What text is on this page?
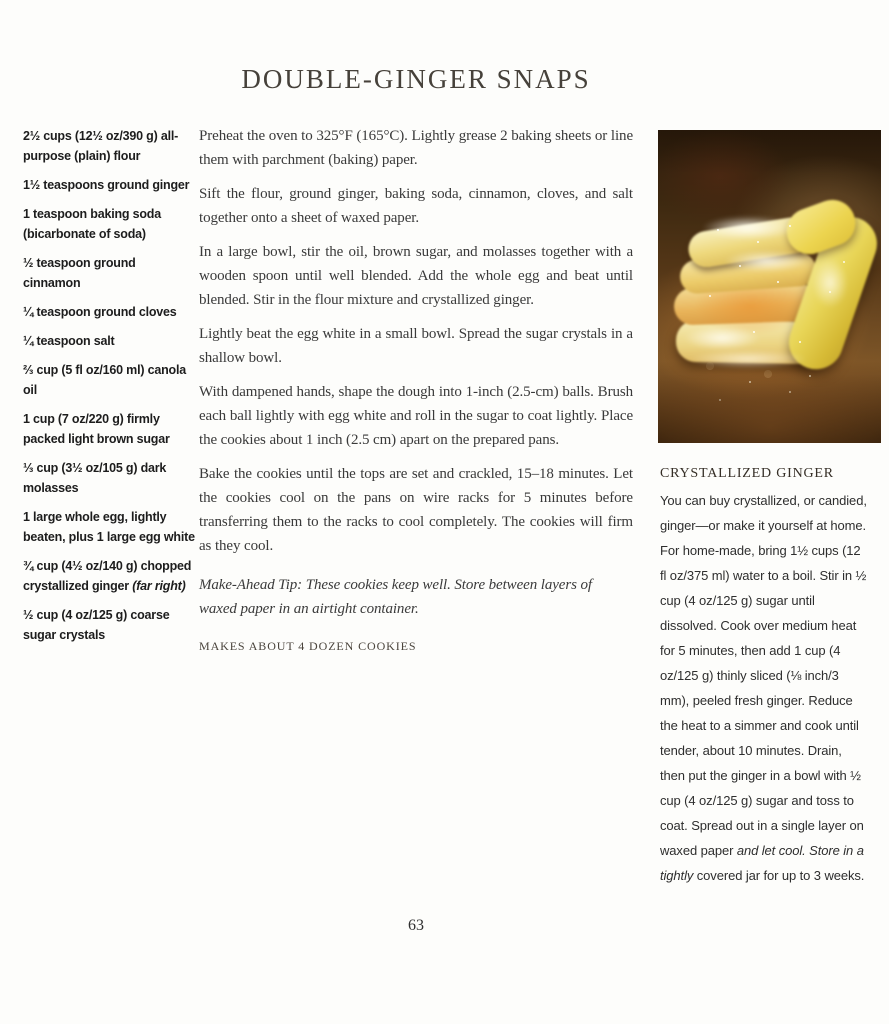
DOUBLE-GINGER SNAPS

2½ cups (12½ oz/390 g) all-purpose (plain) flour

1½ teaspoons ground ginger

1 teaspoon baking soda (bicarbonate of soda)

½ teaspoon ground cinnamon

¼ teaspoon ground cloves

¼ teaspoon salt

⅔ cup (5 fl oz/160 ml) canola oil

1 cup (7 oz/220 g) firmly packed light brown sugar

⅓ cup (3½ oz/105 g) dark molasses

1 large whole egg, lightly beaten, plus 1 large egg white

¾ cup (4½ oz/140 g) chopped crystallized ginger (far right)

½ cup (4 oz/125 g) coarse sugar crystals

Preheat the oven to 325°F (165°C). Lightly grease 2 baking sheets or line them with parchment (baking) paper.

Sift the flour, ground ginger, baking soda, cinnamon, cloves, and salt together onto a sheet of waxed paper.

In a large bowl, stir the oil, brown sugar, and molasses together with a wooden spoon until well blended. Add the whole egg and beat until blended. Stir in the flour mixture and crystallized ginger.

Lightly beat the egg white in a small bowl. Spread the sugar crystals in a shallow bowl.

With dampened hands, shape the dough into 1-inch (2.5-cm) balls. Brush each ball lightly with egg white and roll in the sugar to coat lightly. Place the cookies about 1 inch (2.5 cm) apart on the prepared pans.

Bake the cookies until the tops are set and crackled, 15–18 minutes. Let the cookies cool on the pans on wire racks for 5 minutes before transferring them to the racks to cool completely. The cookies will firm as they cool.

Make-Ahead Tip: These cookies keep well. Store between layers of waxed paper in an airtight container.

MAKES ABOUT 4 DOZEN COOKIES

CRYSTALLIZED GINGER

You can buy crystallized, or candied, ginger—or make it yourself at home. For home-made, bring 1½ cups (12 fl oz/375 ml) water to a boil. Stir in ½ cup (4 oz/125 g) sugar until dissolved. Cook over medium heat for 5 minutes, then add 1 cup (4 oz/125 g) thinly sliced (⅛ inch/3 mm), peeled fresh ginger. Reduce the heat to a simmer and cook until tender, about 10 minutes. Drain, then put the ginger in a bowl with ½ cup (4 oz/125 g) sugar and toss to coat. Spread out in a single layer on waxed paper and let cool. Store in a tightly covered jar for up to 3 weeks.

63
